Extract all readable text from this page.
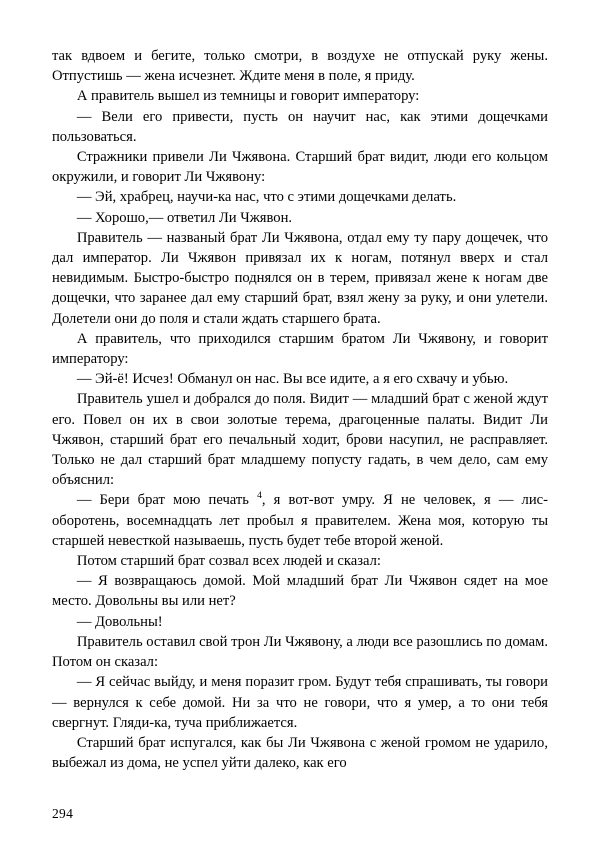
так вдвоем и бегите, только смотри, в воздухе не отпускай руку жены. Отпустишь — жена исчезнет. Ждите меня в поле, я приду.

А правитель вышел из темницы и говорит императору:

— Вели его привести, пусть он научит нас, как этими дощечками пользоваться.

Стражники привели Ли Чжявона. Старший брат видит, люди его кольцом окружили, и говорит Ли Чжявону:

— Эй, храбрец, научи-ка нас, что с этими дощечками делать.

— Хорошо,— ответил Ли Чжявон.

Правитель — названый брат Ли Чжявона, отдал ему ту пару дощечек, что дал император. Ли Чжявон привязал их к ногам, потянул вверх и стал невидимым. Быстро-быстро поднялся он в терем, привязал жене к ногам две дощечки, что заранее дал ему старший брат, взял жену за руку, и они улетели. Долетели они до поля и стали ждать старшего брата.

А правитель, что приходился старшим братом Ли Чжявону, и говорит императору:

— Эй-ё! Исчез! Обманул он нас. Вы все идите, а я его схвачу и убью.

Правитель ушел и добрался до поля. Видит — младший брат с женой ждут его. Повел он их в свои золотые терема, драгоценные палаты. Видит Ли Чжявон, старший брат его печальный ходит, брови насупил, не расправляет. Только не дал старший брат младшему попусту гадать, в чем дело, сам ему объяснил:

— Бери брат мою печать $^4$, я вот-вот умру. Я не человек, я — лис-оборотень, восемнадцать лет пробыл я правителем. Жена моя, которую ты старшей невесткой называешь, пусть будет тебе второй женой.

Потом старший брат созвал всех людей и сказал:

— Я возвращаюсь домой. Мой младший брат Ли Чжявон сядет на мое место. Довольны вы или нет?

— Довольны!

Правитель оставил свой трон Ли Чжявону, а люди все разошлись по домам. Потом он сказал:

— Я сейчас выйду, и меня поразит гром. Будут тебя спрашивать, ты говори — вернулся к себе домой. Ни за что не говори, что я умер, а то они тебя свергнут. Гляди-ка, туча приближается.

Старший брат испугался, как бы Ли Чжявона с женой громом не ударило, выбежал из дома, не успел уйти далеко, как его

294
